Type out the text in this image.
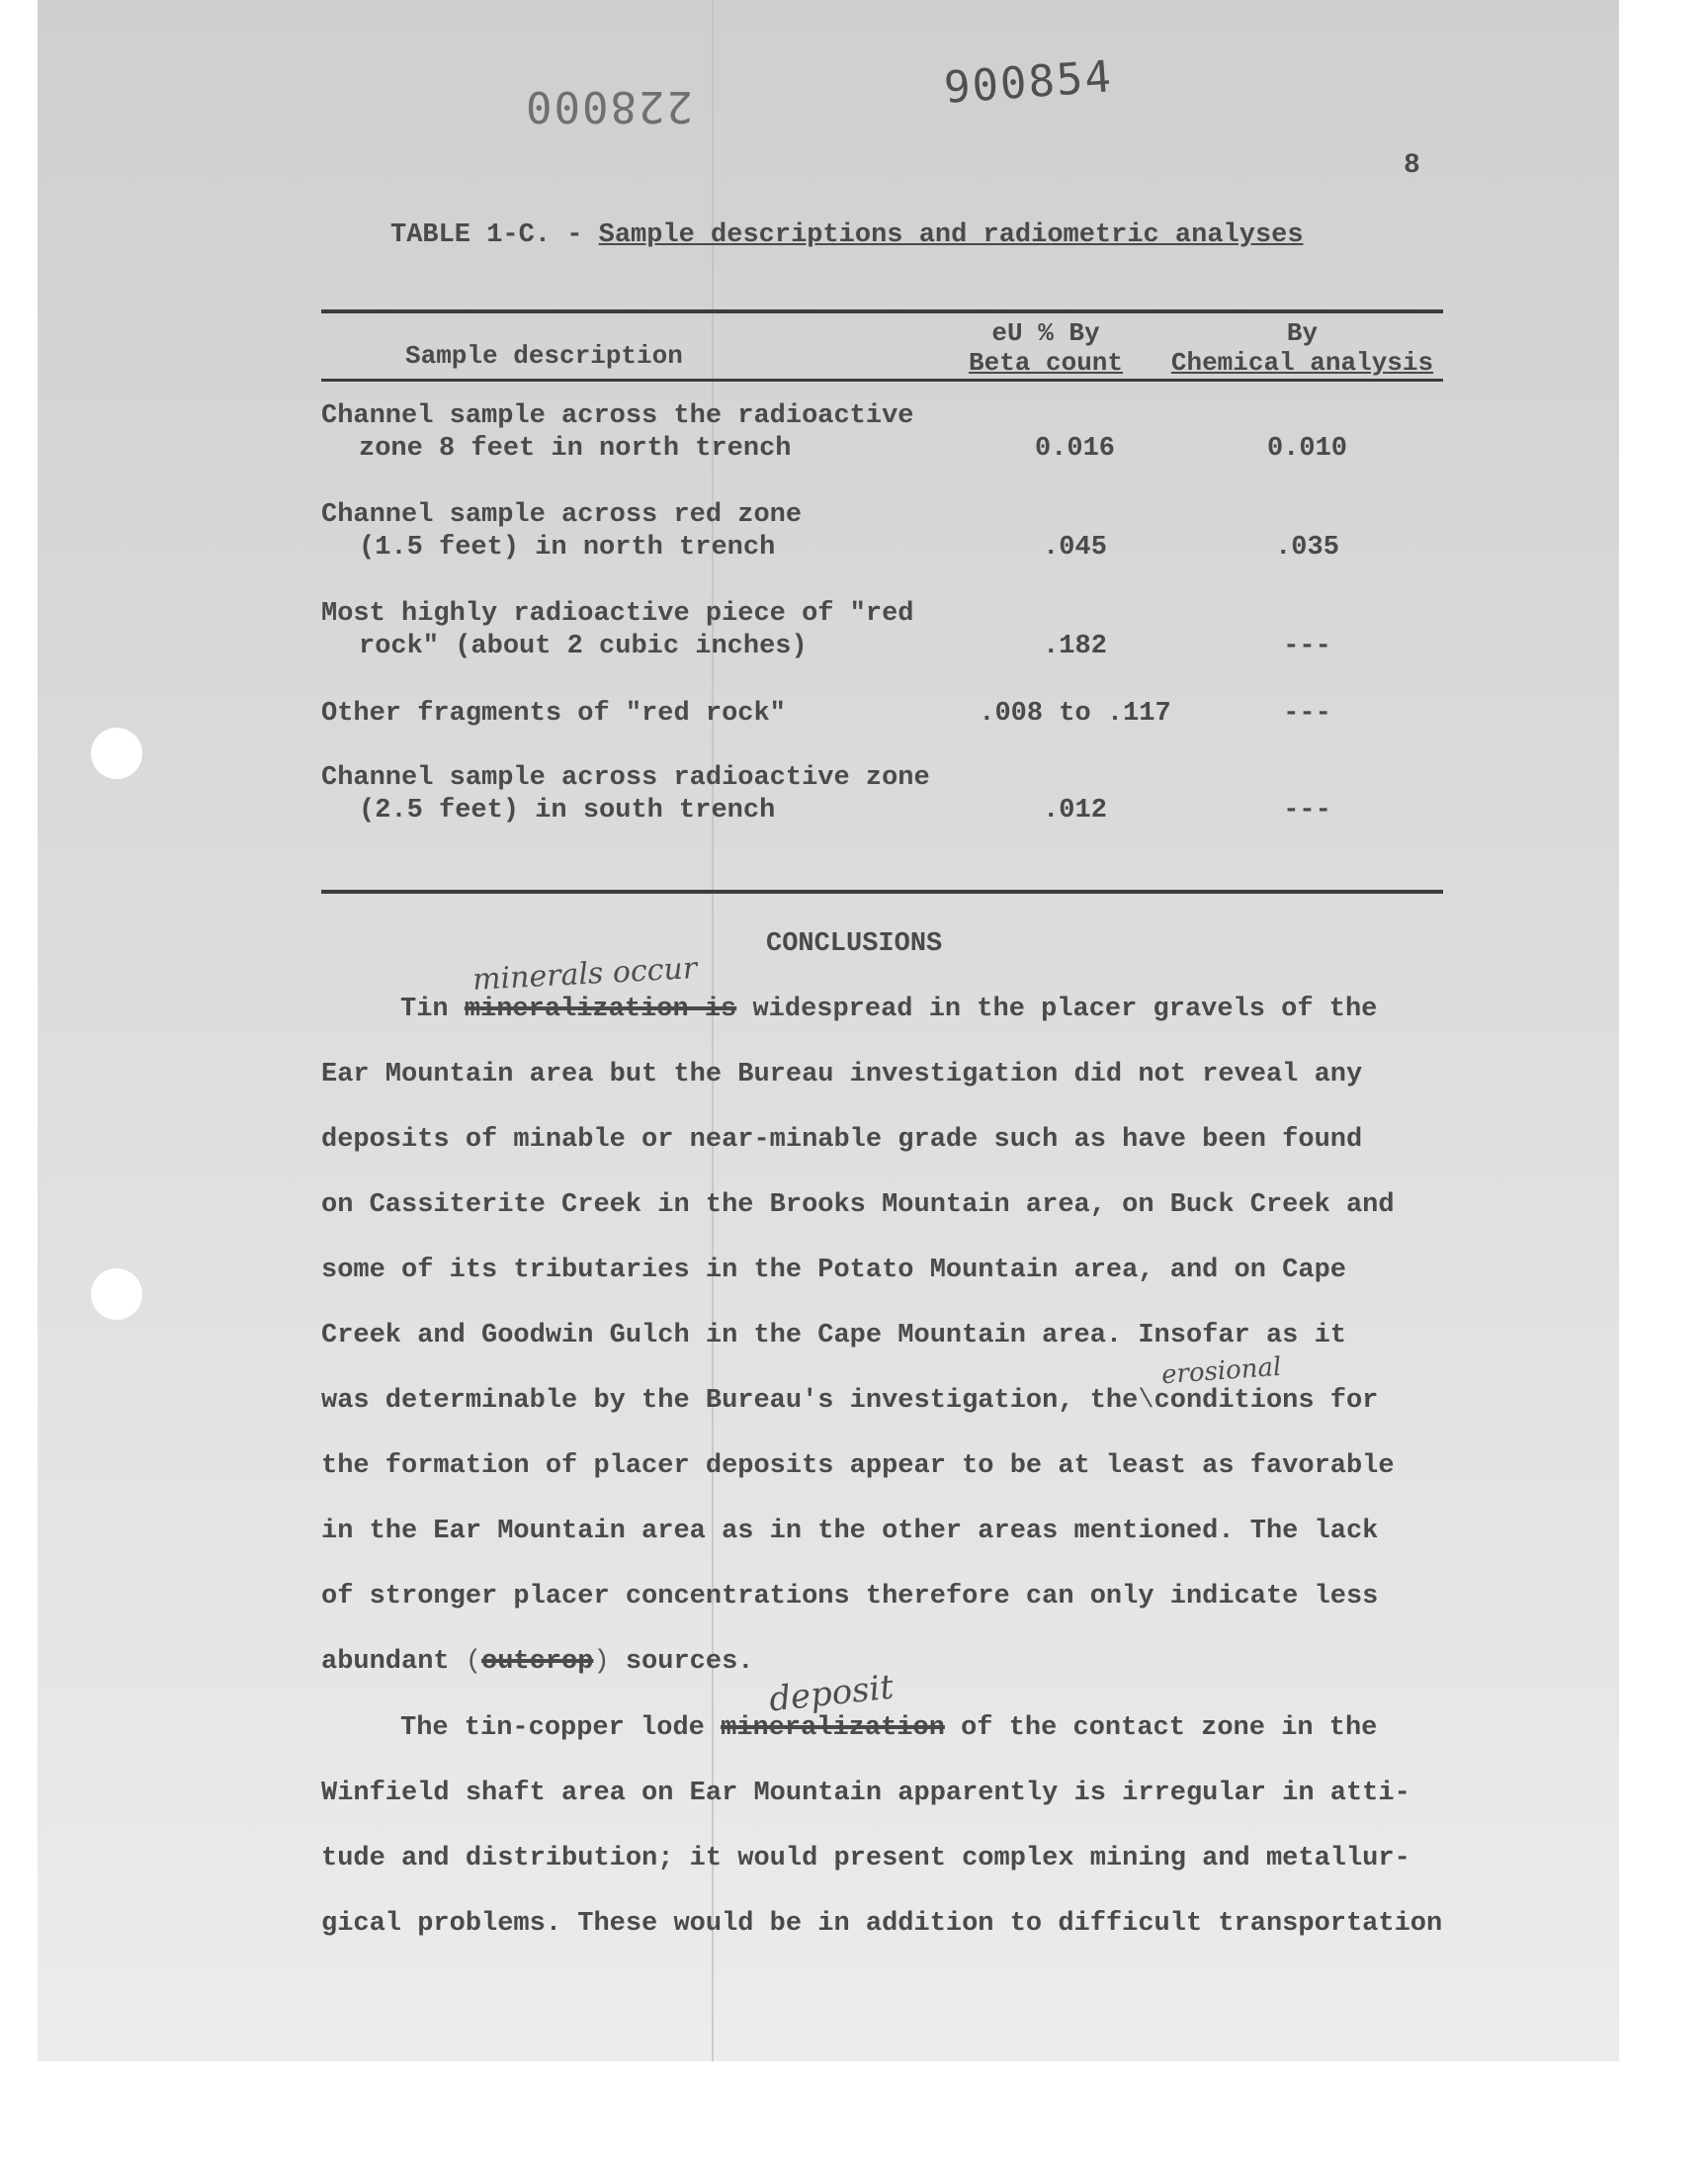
228000	900854
8
TABLE 1-C. - Sample descriptions and radiometric analyses
Sample description
eU % By
Beta count
By
Chemical analysis
Channel sample across the radioactive
zone 8 feet in north trench	0.016	0.010
Channel sample across red zone
(1.5 feet) in north trench	.045	.035
Most highly radioactive piece of "red
rock" (about 2 cubic inches)	.182	---
Other fragments of "red rock"	.008 to .117	---
Channel sample across radioactive zone
(2.5 feet) in south trench	.012	---
CONCLUSIONS
minerals occur
erosional
deposit
Tin mineralization is widespread in the placer gravels of the
Ear Mountain area but the Bureau investigation did not reveal any
deposits of minable or near-minable grade such as have been found
on Cassiterite Creek in the Brooks Mountain area, on Buck Creek and
some of its tributaries in the Potato Mountain area, and on Cape
Creek and Goodwin Gulch in the Cape Mountain area. Insofar as it
was determinable by the Bureau's investigation, the\conditions for
the formation of placer deposits appear to be at least as favorable
in the Ear Mountain area as in the other areas mentioned. The lack
of stronger placer concentrations therefore can only indicate less
abundant (outcrop) sources.
The tin-copper lode mineralization of the contact zone in the
Winfield shaft area on Ear Mountain apparently is irregular in atti-
tude and distribution; it would present complex mining and metallur-
gical problems. These would be in addition to difficult transportation
